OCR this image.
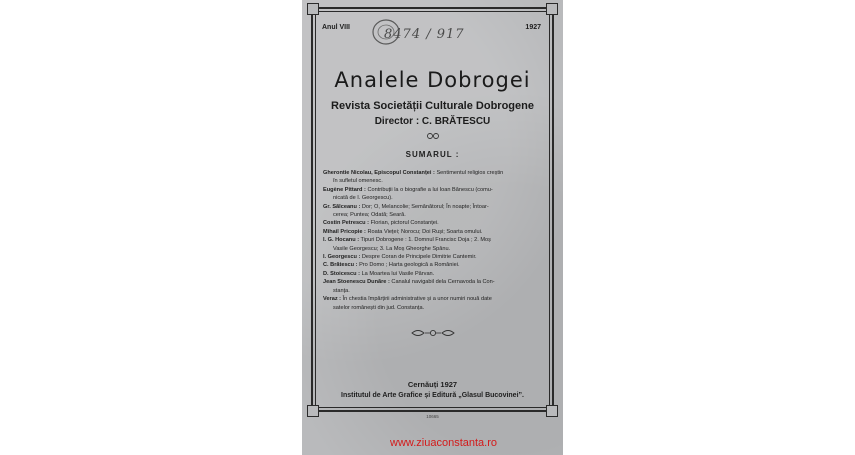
Anul VIII	1927
8474 / 917
Analele Dobrogei
Revista Societății Culturale Dobrogene
Director : C. BRĂTESCU
SUMARUL :
Gherontie Nicolau, Episcopul Constanței : Sentimentul religios creștin
în sufletul omenesc.
Eugène Pittard : Contribuții la o biografie a lui Ioan Bănescu (comu-
nicată de I. Georgescu).
Gr. Sălceanu : Dor; O, Melancolie; Semănătorul; În noapte; Întoar-
cerea; Puntea; Odată; Seară.
Costin Petrescu : Florian, pictorul Constanței.
Mihail Pricopie : Roata Vieței; Norocu; Doi Ruși; Soarta omului.
I. G. Hocanu : Tipuri Dobrogene : 1. Domnul Francisc Doja ; 2. Moș
Vasile Georgescu; 3. La Moș Gheorghe Spânu.
I. Georgescu : Despre Coran de Principele Dimitrie Cantemir.
C. Brătescu : Pro Domo ; Harta geologică a României.
D. Stoicescu : La Moartea lui Vasile Pârvan.
Jean Stoenescu Dunăre : Canalul navigabil dela Cernavoda la Con-
stanța.
Veraz : În chestia împărțirii administrative și a unor numiri nouă date
satelor românești din jud. Constanța.
Cernăuți 1927
Institutul de Arte Grafice și Editură „Glasul Bucovinei”.
10665
www.ziuaconstanta.ro
